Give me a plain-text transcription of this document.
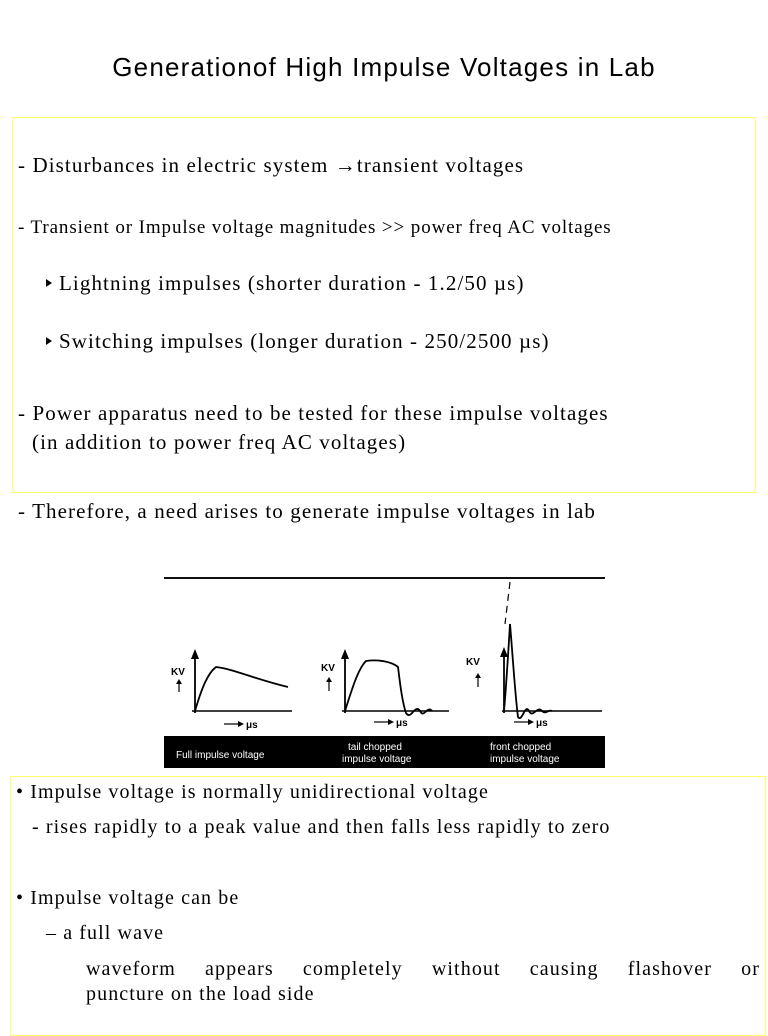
Generationof High Impulse Voltages in Lab
- Disturbances in electric system →transient voltages
- Transient or Impulse voltage magnitudes >> power freq AC voltages
Lightning impulses (shorter duration - 1.2/50 µs)
Switching impulses (longer duration - 250/2500 µs)
- Power apparatus need to be tested for these impulse voltages
(in addition to power freq AC voltages)
- Therefore, a need arises to generate impulse voltages in lab
KV
μs
KV
μs
KV
μs
Full impulse voltage
tail chopped
impulse voltage
front chopped
impulse voltage
• Impulse voltage is normally unidirectional voltage
- rises rapidly to a peak value and then falls less rapidly to zero
• Impulse voltage can be
– a full wave
waveform appears completely without causing flashover or
puncture on the load side
